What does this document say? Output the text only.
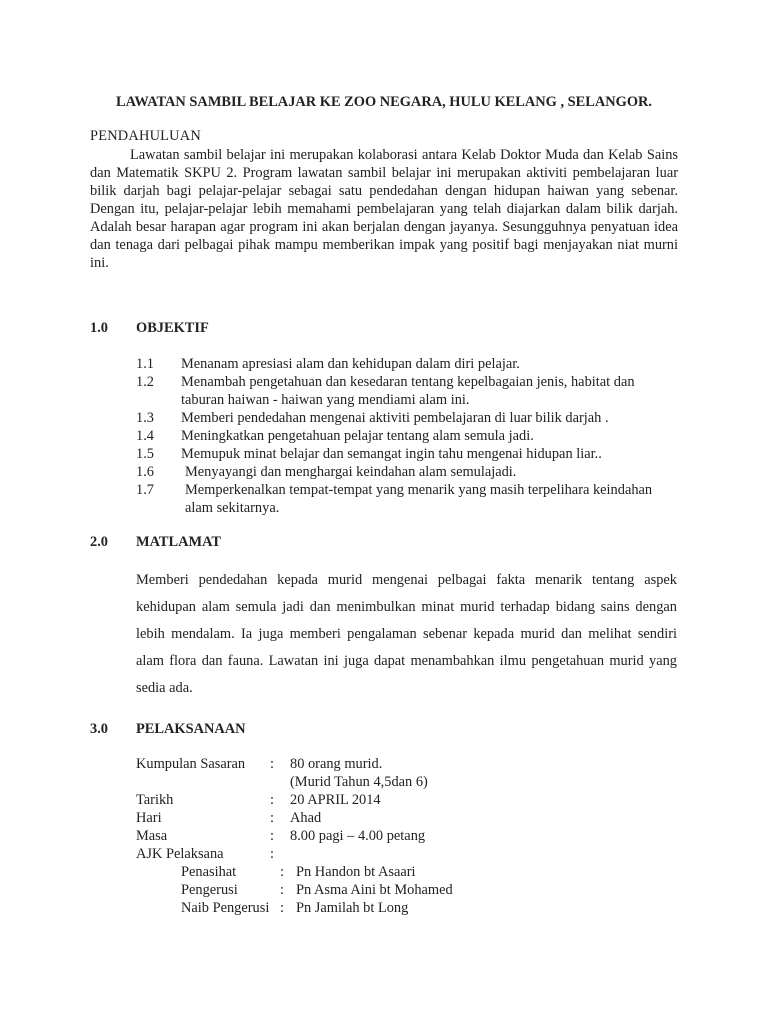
LAWATAN SAMBIL BELAJAR KE ZOO NEGARA, HULU KELANG , SELANGOR.
PENDAHULUAN

Lawatan sambil belajar ini merupakan kolaborasi antara Kelab Doktor Muda dan Kelab Sains dan Matematik SKPU 2. Program lawatan sambil belajar ini merupakan aktiviti pembelajaran luar bilik darjah bagi pelajar-pelajar sebagai satu pendedahan dengan hidupan haiwan yang sebenar. Dengan itu, pelajar-pelajar lebih memahami pembelajaran yang telah diajarkan dalam bilik darjah. Adalah besar harapan agar program ini akan berjalan dengan jayanya. Sesungguhnya penyatuan idea dan tenaga dari pelbagai pihak mampu memberikan impak yang positif bagi menjayakan niat murni ini.

1.0 OBJEKTIF
1.1 Menanam apresiasi alam dan kehidupan dalam diri pelajar.
1.2 Menambah pengetahuan dan kesedaran tentang kepelbagaian jenis, habitat dan taburan haiwan - haiwan yang mendiami alam ini.
1.3 Memberi pendedahan mengenai aktiviti pembelajaran di luar bilik darjah .
1.4 Meningkatkan pengetahuan pelajar tentang alam semula jadi.
1.5 Memupuk minat belajar dan semangat ingin tahu mengenai hidupan liar..
1.6 Menyayangi dan menghargai keindahan alam semulajadi.
1.7 Memperkenalkan tempat-tempat yang menarik yang masih terpelihara keindahan alam sekitarnya.
2.0 MATLAMAT

Memberi pendedahan kepada murid mengenai pelbagai fakta menarik tentang aspek kehidupan alam semula jadi dan menimbulkan minat murid terhadap bidang sains dengan lebih mendalam. Ia juga memberi pengalaman sebenar kepada murid dan melihat sendiri alam flora dan fauna. Lawatan ini juga dapat menambahkan ilmu pengetahuan murid yang sedia ada.

3.0 PELAKSANAAN
Kumpulan Sasaran : 80 orang murid.
(Murid Tahun 4,5dan 6)
Tarikh	: 20 APRIL 2014
Hari	: Ahad
Masa	: 8.00 pagi – 4.00 petang
AJK Pelaksana	:
Penasihat	: Pn Handon bt Asaari
Pengerusi	: Pn Asma Aini bt Mohamed
Naib Pengerusi : Pn Jamilah bt Long
